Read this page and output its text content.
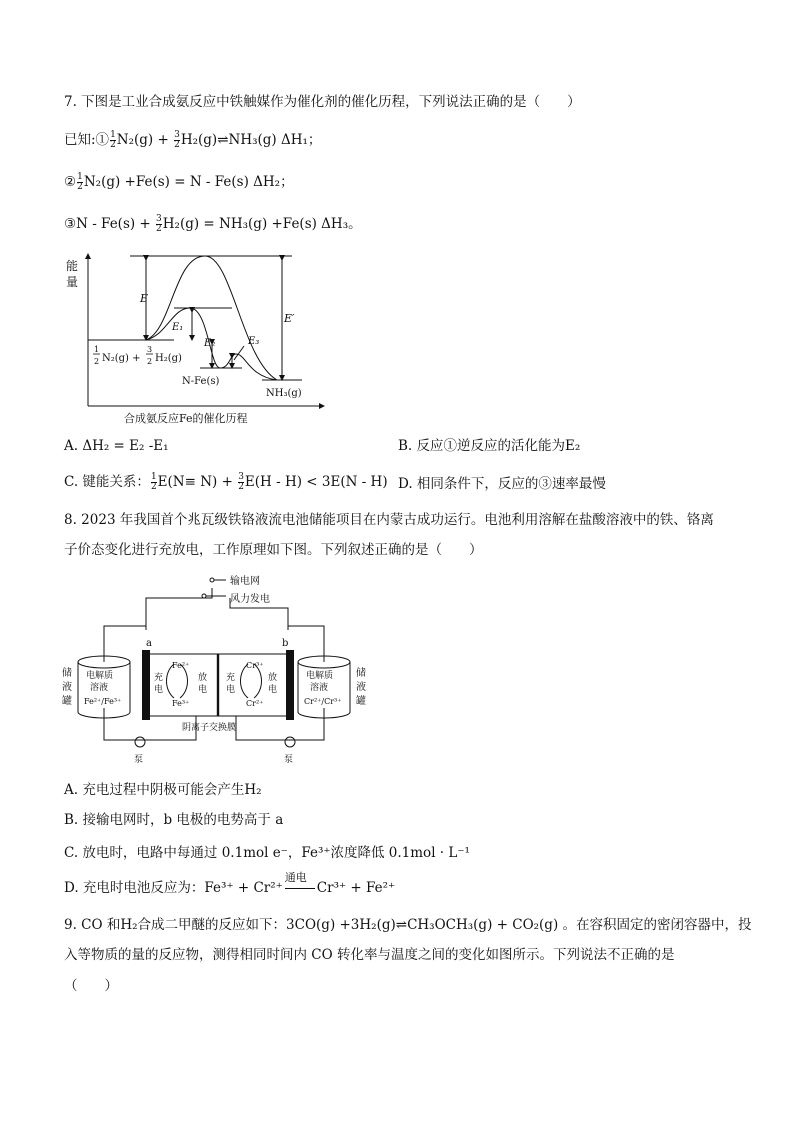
7. 下图是工业合成氨反应中铁触媒作为催化剂的催化历程，下列说法正确的是（　　）
已知:① $\frac{1}{2} N_2(g) + \frac{3}{2}$ H₂(g)⇌NH₃(g) ΔH₁；
② $\frac{1}{2} N_2(g) +Fe(s) = N - Fe(s)$ ΔH₂；
③N - $Fe(s) + \frac{3}{2} H_2(g) = NH_3(g) +Fe(s)$ ΔH₃。
能
量
E
E₁
E₂	E₃
E′
1
2 N₂(g) +
3
2 H₂(g)
N-Fe(s)
NH₃(g)
合成氨反应Fe的催化历程
A. ΔH₂ = E₂ -E₁	B. 反应①逆反应的活化能为E₂
C. 键能关系： $\frac{1}{2} E(N\equiv N) + \frac{3}{2} E(H - H) < 3E(N - H)$ D. 相同条件下，反应的③速率最慢
8. 2023 年我国首个兆瓦级铁铬液流电池储能项目在内蒙古成功运行。电池利用溶解在盐酸溶液中的铁、铬离
子价态变化进行充放电，工作原理如下图。下列叙述正确的是（　　）
输电网
风力发电
a	b
储
液
罐
储
液
罐
电解质
溶液
Fe²⁺/Fe³⁺
电解质
溶液
Cr²⁺/Cr³⁺
Fe²⁺
Fe³⁺
Cr³⁺
Cr²⁺
充
电
放
电
充
电
放
电
阴离子交换膜
泵	泵
A. 充电过程中阴极可能会产生H₂
B. 接输电网时，b 电极的电势高于 a
C. 放电时，电路中每通过 0.1mol e⁻，Fe³⁺浓度降低 0.1mol · L⁻¹
D. 充电时电池反应为：Fe³⁺ + Cr²⁺
通电
Cr³⁺ + Fe²⁺
9. CO 和H₂合成二甲醚的反应如下：3CO(g) +3H₂(g)⇌CH₃OCH₃(g) + CO₂(g) 。在容积固定的密闭容器中，投
入等物质的量的反应物，测得相同时间内 CO 转化率与温度之间的变化如图所示。下列说法不正确的是
（　　）
